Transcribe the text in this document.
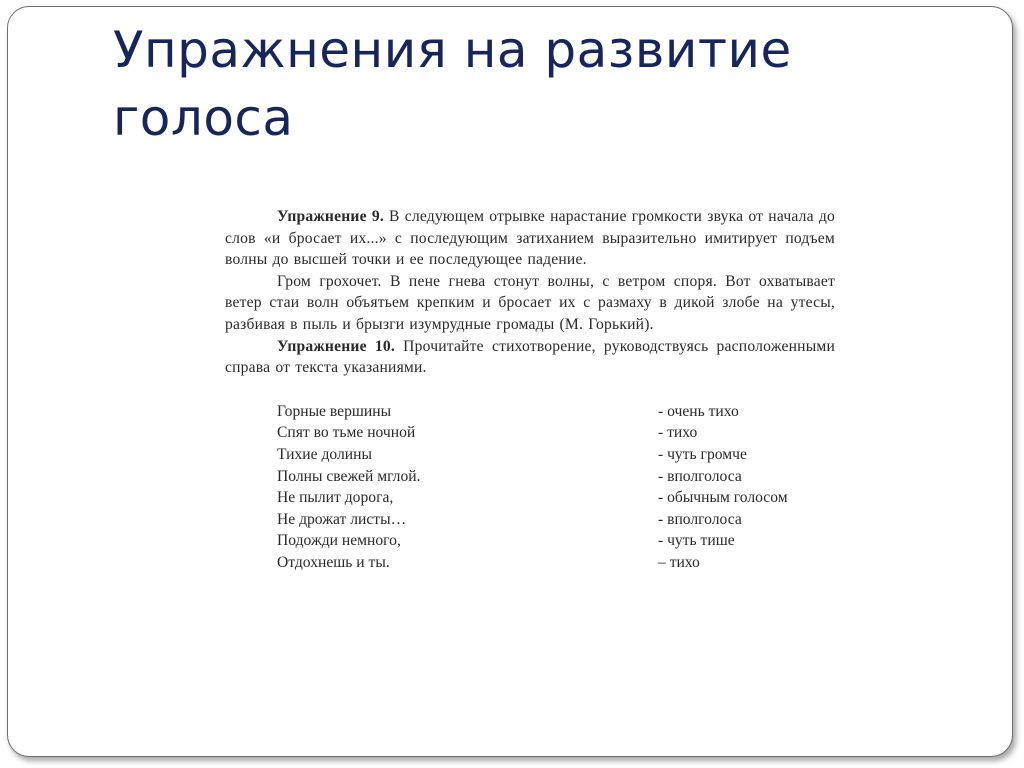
Упражнения на развитие голоса

Упражнение 9. В следующем отрывке нарастание громкости звука от начала до слов «и бросает их...» с последующим затиханием выразительно имитирует подъем волны до высшей точки и ее последующее падение.

Гром грохочет. В пене гнева стонут волны, с ветром споря. Вот охватывает ветер стаи волн объятьем крепким и бросает их с размаху в дикой злобе на утесы, разбивая в пыль и брызги изумрудные громады (М. Горький).

Упражнение 10. Прочитайте стихотворение, руководствуясь расположенными справа от текста указаниями.

Горные вершины	- очень тихо
Спят во тьме ночной	- тихо
Тихие долины	- чуть громче
Полны свежей мглой.	- вполголоса
Не пылит дорога,	- обычным голосом
Не дрожат листы…	- вполголоса
Подожди немного,	- чуть тише
Отдохнешь и ты.	– тихо
